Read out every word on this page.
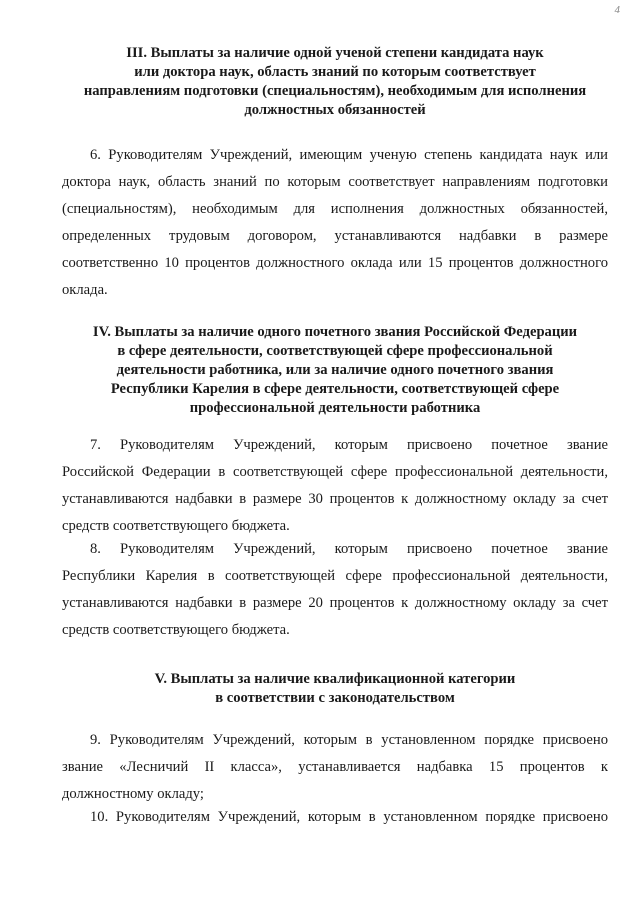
4
III. Выплаты за наличие одной ученой степени кандидата наук
или доктора наук, область знаний по которым соответствует
направлениям подготовки (специальностям), необходимым для исполнения
должностных обязанностей
6. Руководителям Учреждений, имеющим ученую степень кандидата наук или
доктора наук, область знаний по которым соответствует направлениям подготовки
(специальностям), необходимым для исполнения должностных обязанностей,
определенных трудовым договором, устанавливаются надбавки в размере
соответственно 10 процентов должностного оклада или 15 процентов должностного
оклада.
IV. Выплаты за наличие одного почетного звания Российской Федерации
в сфере деятельности, соответствующей сфере профессиональной
деятельности работника, или за наличие одного почетного звания
Республики Карелия в сфере деятельности, соответствующей сфере
профессиональной деятельности работника
7. Руководителям Учреждений, которым присвоено почетное звание
Российской Федерации в соответствующей сфере профессиональной деятельности,
устанавливаются надбавки в размере 30 процентов к должностному окладу за счет
средств соответствующего бюджета.
8. Руководителям Учреждений, которым присвоено почетное звание
Республики Карелия в соответствующей сфере профессиональной деятельности,
устанавливаются надбавки в размере 20 процентов к должностному окладу за счет
средств соответствующего бюджета.
V. Выплаты за наличие квалификационной категории
в соответствии с законодательством
9. Руководителям Учреждений, которым в установленном порядке присвоено
звание «Лесничий II класса», устанавливается надбавка 15 процентов к
должностному окладу;
10. Руководителям Учреждений, которым в установленном порядке присвоено
